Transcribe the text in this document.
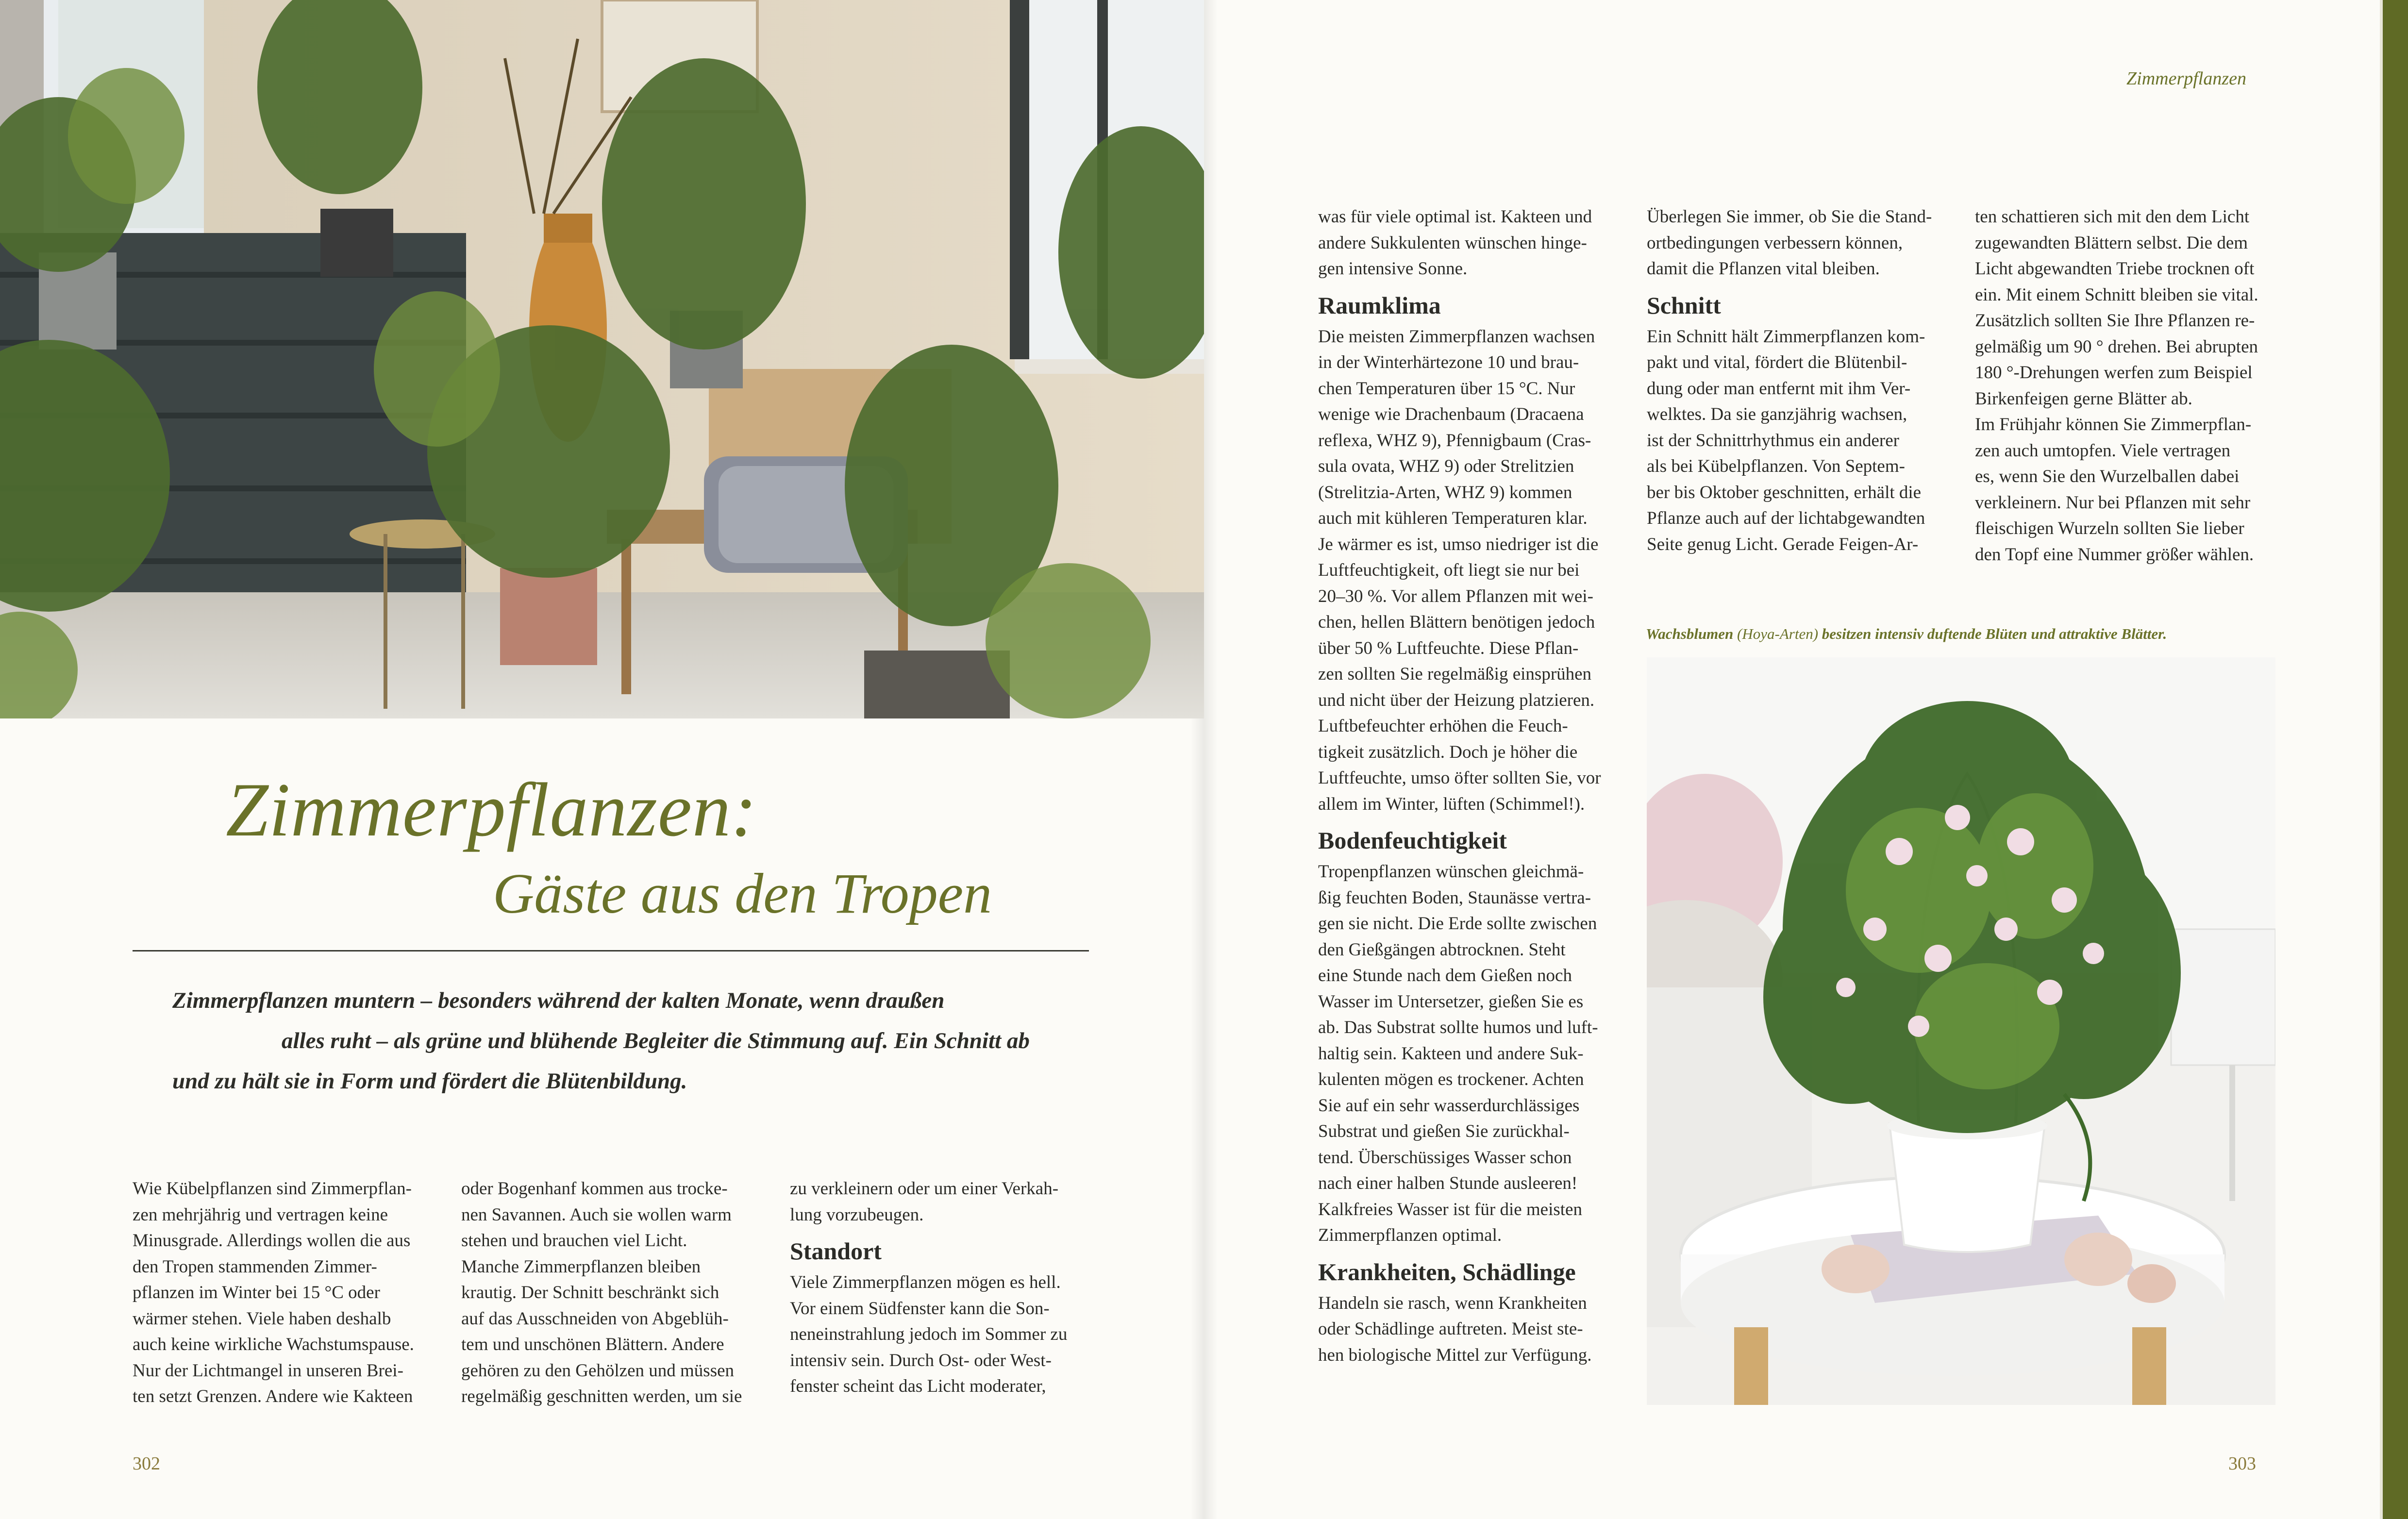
Zimmerpflanzen:
Gäste aus den Tropen
Zimmerpflanzen muntern – besonders während der kalten Monate, wenn draußen
alles ruht – als grüne und blühende Begleiter die Stimmung auf. Ein Schnitt ab
und zu hält sie in Form und fördert die Blütenbildung.
Wie Kübelpflanzen sind Zimmerpflan-
zen mehrjährig und vertragen keine
Minusgrade. Allerdings wollen die aus
den Tropen stammenden Zimmer-
pflanzen im Winter bei 15 °C oder
wärmer stehen. Viele haben deshalb
auch keine wirkliche Wachstumspause.
Nur der Lichtmangel in unseren Brei-
ten setzt Grenzen. Andere wie Kakteen
oder Bogenhanf kommen aus trocke-
nen Savannen. Auch sie wollen warm
stehen und brauchen viel Licht.
Manche Zimmerpflanzen bleiben
krautig. Der Schnitt beschränkt sich
auf das Ausschneiden von Abgeblüh-
tem und unschönen Blättern. Andere
gehören zu den Gehölzen und müssen
regelmäßig geschnitten werden, um sie
zu verkleinern oder um einer Verkah-
lung vorzubeugen.
Standort
Viele Zimmerpflanzen mögen es hell.
Vor einem Südfenster kann die Son-
neneinstrahlung jedoch im Sommer zu
intensiv sein. Durch Ost- oder West-
fenster scheint das Licht moderater,
302
Zimmerpflanzen
was für viele optimal ist. Kakteen und
andere Sukkulenten wünschen hinge-
gen intensive Sonne.
Raumklima
Die meisten Zimmerpflanzen wachsen
in der Winterhärtezone 10 und brau-
chen Temperaturen über 15 °C. Nur
wenige wie Drachenbaum (Dracaena
reflexa, WHZ 9), Pfennigbaum (Cras-
sula ovata, WHZ 9) oder Strelitzien
(Strelitzia-Arten, WHZ 9) kommen
auch mit kühleren Temperaturen klar.
Je wärmer es ist, umso niedriger ist die
Luftfeuchtigkeit, oft liegt sie nur bei
20–30 %. Vor allem Pflanzen mit wei-
chen, hellen Blättern benötigen jedoch
über 50 % Luftfeuchte. Diese Pflan-
zen sollten Sie regelmäßig einsprühen
und nicht über der Heizung platzieren.
Luftbefeuchter erhöhen die Feuch-
tigkeit zusätzlich. Doch je höher die
Luftfeuchte, umso öfter sollten Sie, vor
allem im Winter, lüften (Schimmel!).
Bodenfeuchtigkeit
Tropenpflanzen wünschen gleichmä-
ßig feuchten Boden, Staunässe vertra-
gen sie nicht. Die Erde sollte zwischen
den Gießgängen abtrocknen. Steht
eine Stunde nach dem Gießen noch
Wasser im Untersetzer, gießen Sie es
ab. Das Substrat sollte humos und luft-
haltig sein. Kakteen und andere Suk-
kulenten mögen es trockener. Achten
Sie auf ein sehr wasserdurchlässiges
Substrat und gießen Sie zurückhal-
tend. Überschüssiges Wasser schon
nach einer halben Stunde ausleeren!
Kalkfreies Wasser ist für die meisten
Zimmerpflanzen optimal.
Krankheiten, Schädlinge
Handeln sie rasch, wenn Krankheiten
oder Schädlinge auftreten. Meist ste-
hen biologische Mittel zur Verfügung.
Überlegen Sie immer, ob Sie die Stand-
ortbedingungen verbessern können,
damit die Pflanzen vital bleiben.
Schnitt
Ein Schnitt hält Zimmerpflanzen kom-
pakt und vital, fördert die Blütenbil-
dung oder man entfernt mit ihm Ver-
welktes. Da sie ganzjährig wachsen,
ist der Schnittrhythmus ein anderer
als bei Kübelpflanzen. Von Septem-
ber bis Oktober geschnitten, erhält die
Pflanze auch auf der lichtabgewandten
Seite genug Licht. Gerade Feigen-Ar-
ten schattieren sich mit den dem Licht
zugewandten Blättern selbst. Die dem
Licht abgewandten Triebe trocknen oft
ein. Mit einem Schnitt bleiben sie vital.
Zusätzlich sollten Sie Ihre Pflanzen re-
gelmäßig um 90 ° drehen. Bei abrupten
180 °-Drehungen werfen zum Beispiel
Birkenfeigen gerne Blätter ab.
Im Frühjahr können Sie Zimmerpflan-
zen auch umtopfen. Viele vertragen
es, wenn Sie den Wurzelballen dabei
verkleinern. Nur bei Pflanzen mit sehr
fleischigen Wurzeln sollten Sie lieber
den Topf eine Nummer größer wählen.
Wachsblumen (Hoya-Arten) besitzen intensiv duftende Blüten und attraktive Blätter.
303
